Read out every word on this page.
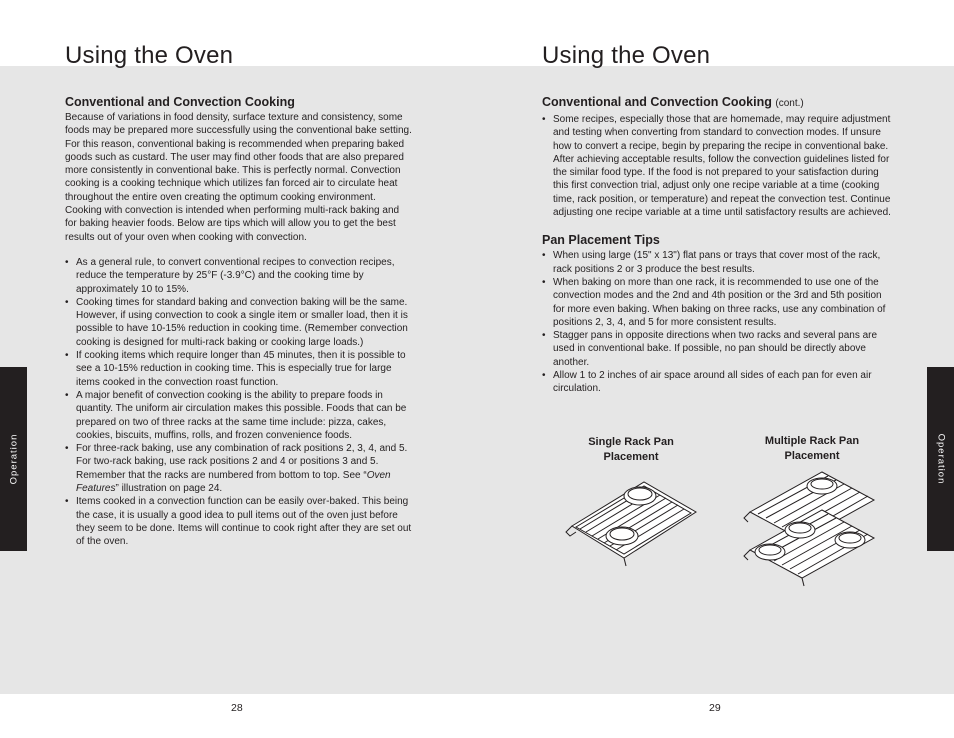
Using the Oven
Conventional and Convection Cooking

Because of variations in food density, surface texture and consistency, some foods may be prepared more successfully using the conventional bake setting. For this reason, conventional baking is recommended when preparing baked goods such as custard. The user may find other foods that are also prepared more consistently in conventional bake. This is perfectly normal. Convection cooking is a cooking technique which utilizes fan forced air to circulate heat throughout the entire oven creating the optimum cooking environment. Cooking with convection is intended when performing multi-rack baking and for baking heavier foods. Below are tips which will allow you to get the best results out of your oven when cooking with convection.

• As a general rule, to convert conventional recipes to convection recipes, reduce the temperature by 25°F (-3.9°C) and the cooking time by approximately 10 to 15%.
• Cooking times for standard baking and convection baking will be the same. However, if using convection to cook a single item or smaller load, then it is possible to have 10-15% reduction in cooking time. (Remember convection cooking is designed for multi-rack baking or cooking large loads.)
• If cooking items which require longer than 45 minutes, then it is possible to see a 10-15% reduction in cooking time. This is especially true for large items cooked in the convection roast function.
• A major benefit of convection cooking is the ability to prepare foods in quantity. The uniform air circulation makes this possible. Foods that can be prepared on two of three racks at the same time include: pizza, cakes, cookies, biscuits, muffins, rolls, and frozen convenience foods.
• For three-rack baking, use any combination of rack positions 2, 3, 4, and 5. For two-rack baking, use rack positions 2 and 4 or positions 3 and 5. Remember that the racks are numbered from bottom to top. See “Oven Features” illustration on page 24.
• Items cooked in a convection function can be easily over-baked. This being the case, it is usually a good idea to pull items out of the oven just before they seem to be done. Items will continue to cook right after they are set out of the oven.
Operation
28
Using the Oven
Conventional and Convection Cooking (cont.)
• Some recipes, especially those that are homemade, may require adjustment and testing when converting from standard to convection modes. If unsure how to convert a recipe, begin by preparing the recipe in conventional bake. After achieving acceptable results, follow the convection guidelines listed for the similar food type. If the food is not prepared to your satisfaction during this first convection trial, adjust only one recipe variable at a time (cooking time, rack position, or temperature) and repeat the convection test. Continue adjusting one recipe variable at a time until satisfactory results are achieved.
Pan Placement Tips
• When using large (15" x 13") flat pans or trays that cover most of the rack, rack positions 2 or 3 produce the best results.
• When baking on more than one rack, it is recommended to use one of the convection modes and the 2nd and 4th position or the 3rd and 5th position for more even baking. When baking on three racks, use any combination of positions 2, 3, 4, and 5 for more consistent results.
• Stagger pans in opposite directions when two racks and several pans are used in conventional bake. If possible, no pan should be directly above another.
• Allow 1 to 2 inches of air space around all sides of each pan for even air circulation.
Single Rack Pan Placement
Multiple Rack Pan Placement	Operation
29
